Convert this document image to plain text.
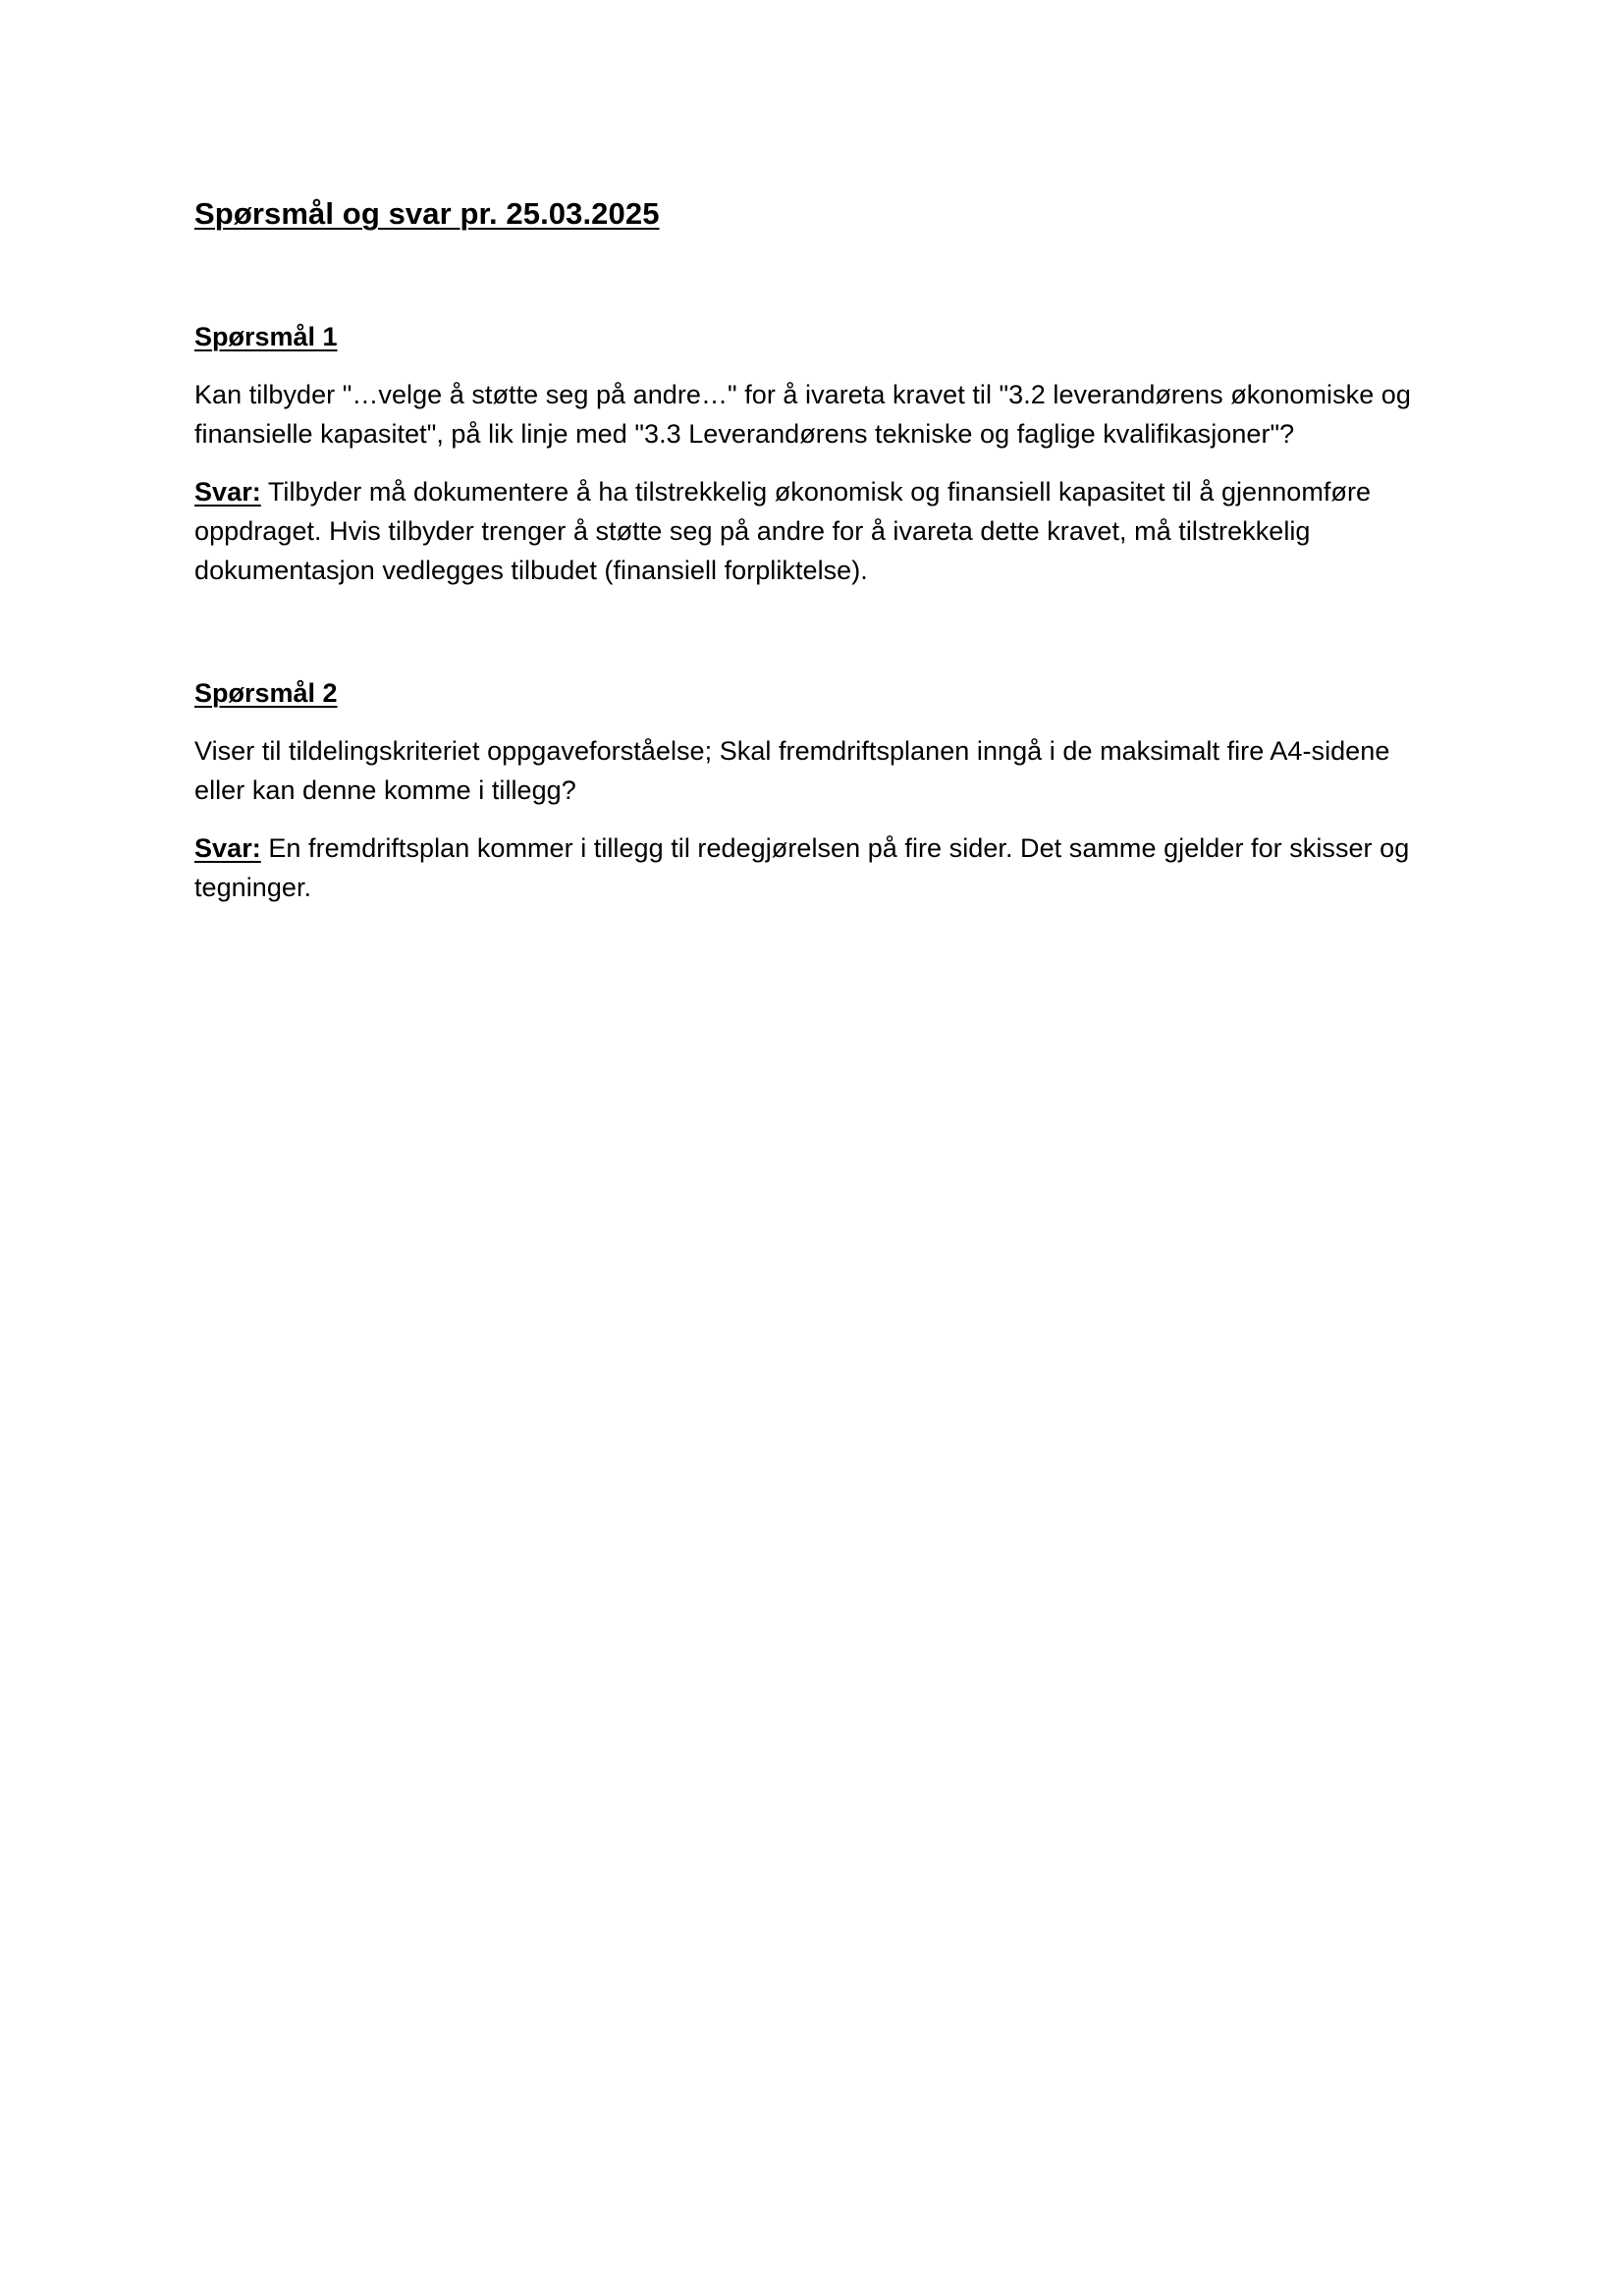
Spørsmål og svar pr. 25.03.2025
Spørsmål 1

Kan tilbyder "…velge å støtte seg på andre…" for å ivareta kravet til "3.2 leverandørens økonomiske og finansielle kapasitet", på lik linje med "3.3 Leverandørens tekniske og faglige kvalifikasjoner"?

Svar: Tilbyder må dokumentere å ha tilstrekkelig økonomisk og finansiell kapasitet til å gjennomføre oppdraget. Hvis tilbyder trenger å støtte seg på andre for å ivareta dette kravet, må tilstrekkelig dokumentasjon vedlegges tilbudet (finansiell forpliktelse).

Spørsmål 2

Viser til tildelingskriteriet oppgaveforståelse; Skal fremdriftsplanen inngå i de maksimalt fire A4-sidene eller kan denne komme i tillegg?

Svar: En fremdriftsplan kommer i tillegg til redegjørelsen på fire sider. Det samme gjelder for skisser og tegninger.
